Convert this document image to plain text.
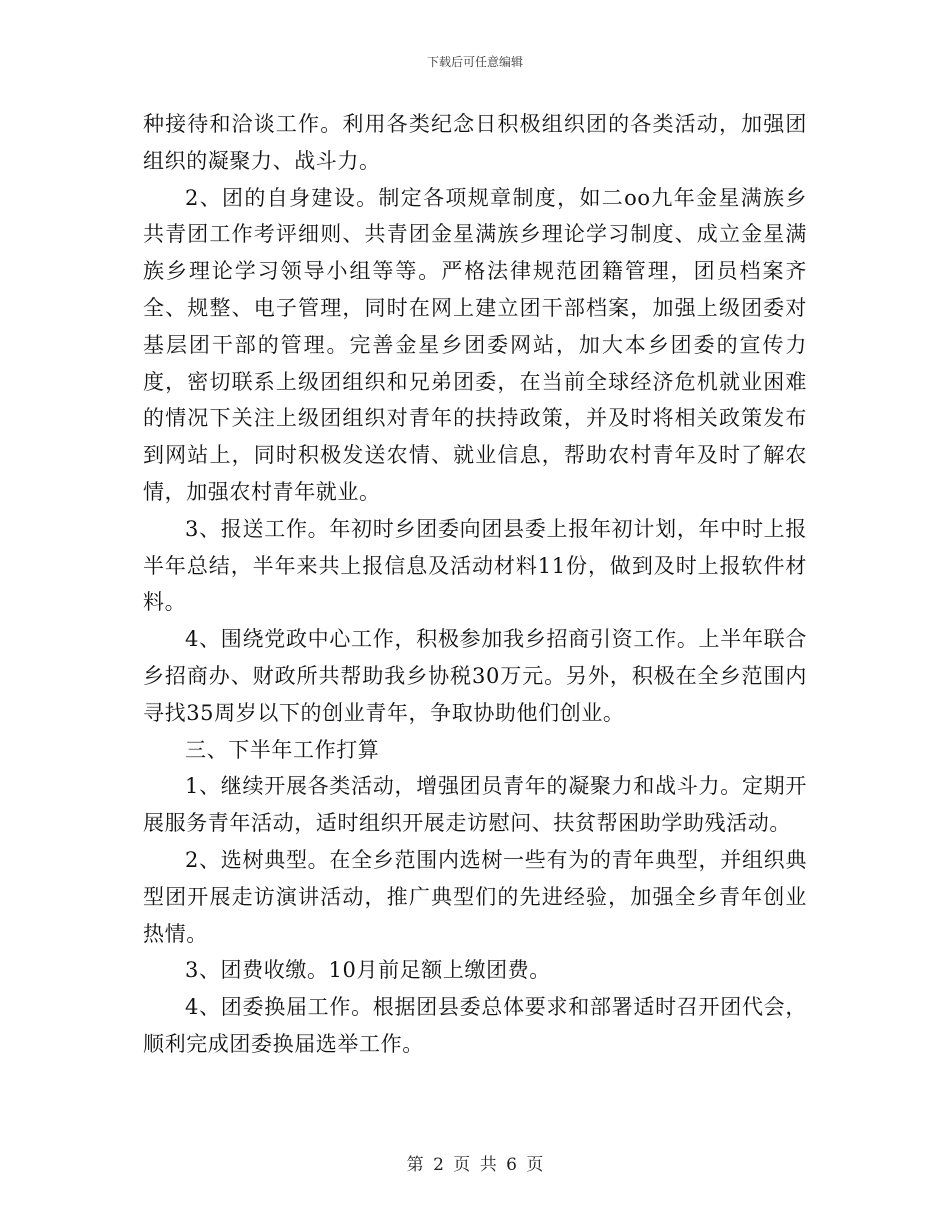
下载后可任意编辑

种接待和洽谈工作。利用各类纪念日积极组织团的各类活动，加强团组织的凝聚力、战斗力。

2、团的自身建设。制定各项规章制度，如二oo九年金星满族乡共青团工作考评细则、共青团金星满族乡理论学习制度、成立金星满族乡理论学习领导小组等等。严格法律规范团籍管理，团员档案齐全、规整、电子管理，同时在网上建立团干部档案，加强上级团委对基层团干部的管理。完善金星乡团委网站，加大本乡团委的宣传力度，密切联系上级团组织和兄弟团委，在当前全球经济危机就业困难的情况下关注上级团组织对青年的扶持政策，并及时将相关政策发布到网站上，同时积极发送农情、就业信息，帮助农村青年及时了解农情，加强农村青年就业。

3、报送工作。年初时乡团委向团县委上报年初计划，年中时上报半年总结，半年来共上报信息及活动材料11份，做到及时上报软件材料。

4、围绕党政中心工作，积极参加我乡招商引资工作。上半年联合乡招商办、财政所共帮助我乡协税30万元。另外，积极在全乡范围内寻找35周岁以下的创业青年，争取协助他们创业。

三、下半年工作打算

1、继续开展各类活动，增强团员青年的凝聚力和战斗力。定期开展服务青年活动，适时组织开展走访慰问、扶贫帮困助学助残活动。

2、选树典型。在全乡范围内选树一些有为的青年典型，并组织典型团开展走访演讲活动，推广典型们的先进经验，加强全乡青年创业热情。

3、团费收缴。10月前足额上缴团费。

4、团委换届工作。根据团县委总体要求和部署适时召开团代会，顺利完成团委换届选举工作。

第 2 页 共 6 页
